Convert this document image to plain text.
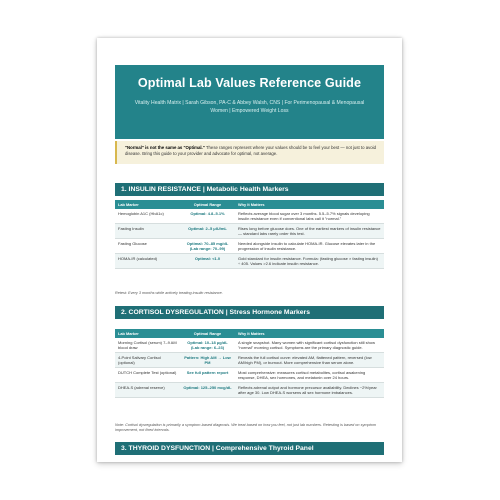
Optimal Lab Values Reference Guide
Vitality Health Matrix | Sarah Gibson, PA-C & Abbey Walsh, CNS | For Perimenopausal & Menopausal Women | Empowered Weight Loss
"Normal" is not the same as "Optimal." These ranges represent where your values should be to feel your best — not just to avoid disease. Bring this guide to your provider and advocate for optimal, not average.
1. INSULIN RESISTANCE | Metabolic Health Markers
Lab Marker	Optimal Range	Why It Matters
Hemoglobin A1C (HbA1c)	Optimal: 4.8–5.1%	Reflects average blood sugar over 3 months. 5.5–5.7% signals developing insulin resistance even if conventional labs call it "normal."
Fasting Insulin	Optimal: 2–5 μIU/mL	Rises long before glucose does. One of the earliest markers of insulin resistance — standard labs rarely order this test.
Fasting Glucose	Optimal: 70–85 mg/dL (Lab range: 70–99)	Needed alongside insulin to calculate HOMA-IR. Glucose elevates later in the progression of insulin resistance.
HOMA-IR (calculated)	Optimal: <1.0	Gold standard for insulin resistance. Formula: (fasting glucose × fasting insulin) ÷ 405. Values >2.6 indicate insulin resistance.
Retest: Every 3 months while actively treating insulin resistance.
2. CORTISOL DYSREGULATION | Stress Hormone Markers
Lab Marker	Optimal Range	Why It Matters
Morning Cortisol (serum) 7–9 AM blood draw	Optimal: 10–18 μg/dL (Lab range: 6–23)	A single snapshot. Many women with significant cortisol dysfunction still show "normal" morning cortisol. Symptoms are the primary diagnostic guide.
4-Point Salivary Cortisol (optional)	Pattern: High AM → Low PM	Reveals the full cortisol curve: elevated AM, flattened pattern, reversed (low AM/high PM), or burnout. More comprehensive than serum alone.
DUTCH Complete Test (optional)	See full pattern report	Most comprehensive: measures cortisol metabolites, cortisol awakening response, DHEA, sex hormones, and melatonin over 24 hours.
DHEA-S (adrenal reserve)	Optimal: 125–250 mcg/dL	Reflects adrenal output and hormone precursor availability. Declines ~2%/year after age 30. Low DHEA-S worsens all sex hormone imbalances.
Note: Cortisol dysregulation is primarily a symptom-based diagnosis. We treat based on how you feel, not just lab numbers. Retesting is based on symptom improvement, not fixed intervals.
3. THYROID DYSFUNCTION | Comprehensive Thyroid Panel
